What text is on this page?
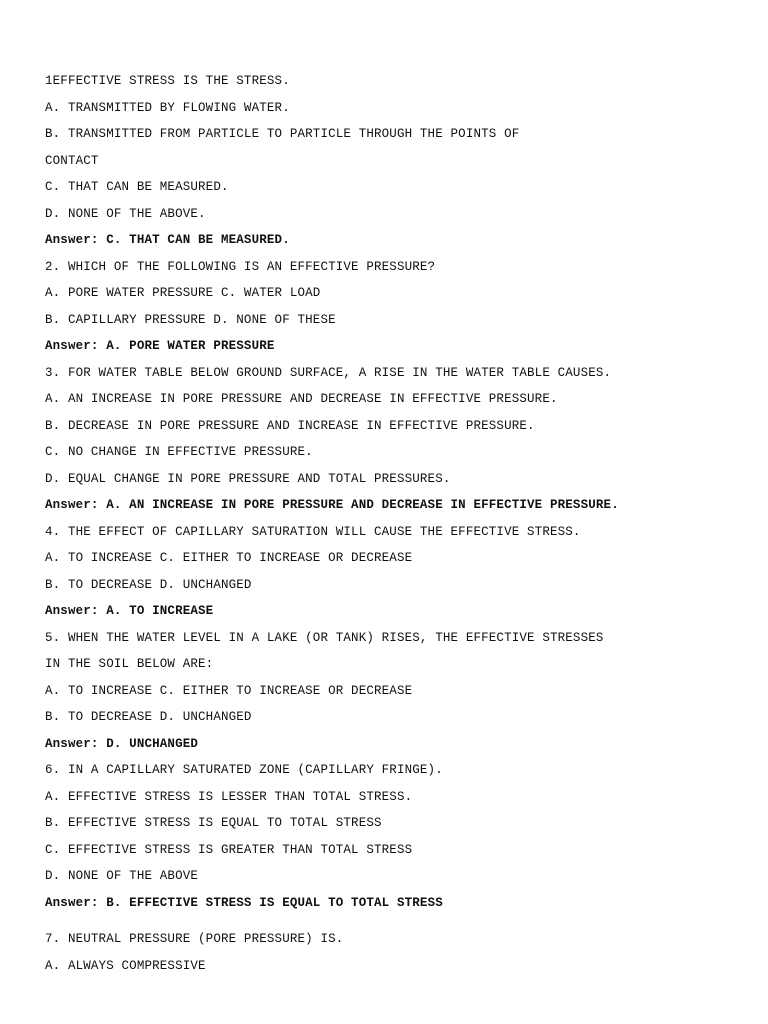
1EFFECTIVE STRESS IS THE STRESS.
A. TRANSMITTED BY FLOWING WATER.
B. TRANSMITTED FROM PARTICLE TO PARTICLE THROUGH THE POINTS OF
CONTACT
C. THAT CAN BE MEASURED.
D. NONE OF THE ABOVE.
Answer: C. THAT CAN BE MEASURED.
2. WHICH OF THE FOLLOWING IS AN EFFECTIVE PRESSURE?
A. PORE WATER PRESSURE C. WATER LOAD
B. CAPILLARY PRESSURE D. NONE OF THESE
Answer: A. PORE WATER PRESSURE
3. FOR WATER TABLE BELOW GROUND SURFACE, A RISE IN THE WATER TABLE CAUSES.
A. AN INCREASE IN PORE PRESSURE AND DECREASE IN EFFECTIVE PRESSURE.
B. DECREASE IN PORE PRESSURE AND INCREASE IN EFFECTIVE PRESSURE.
C. NO CHANGE IN EFFECTIVE PRESSURE.
D. EQUAL CHANGE IN PORE PRESSURE AND TOTAL PRESSURES.
Answer: A. AN INCREASE IN PORE PRESSURE AND DECREASE IN EFFECTIVE PRESSURE.
4. THE EFFECT OF CAPILLARY SATURATION WILL CAUSE THE EFFECTIVE STRESS.
A. TO INCREASE C. EITHER TO INCREASE OR DECREASE
B. TO DECREASE D. UNCHANGED
Answer: A. TO INCREASE
5. WHEN THE WATER LEVEL IN A LAKE (OR TANK) RISES, THE EFFECTIVE STRESSES
IN THE SOIL BELOW ARE:
A. TO INCREASE C. EITHER TO INCREASE OR DECREASE
B. TO DECREASE D. UNCHANGED
Answer: D. UNCHANGED
6. IN A CAPILLARY SATURATED ZONE (CAPILLARY FRINGE).
A. EFFECTIVE STRESS IS LESSER THAN TOTAL STRESS.
B. EFFECTIVE STRESS IS EQUAL TO TOTAL STRESS
C. EFFECTIVE STRESS IS GREATER THAN TOTAL STRESS
D. NONE OF THE ABOVE
Answer: B. EFFECTIVE STRESS IS EQUAL TO TOTAL STRESS
7. NEUTRAL PRESSURE (PORE PRESSURE) IS.
A. ALWAYS COMPRESSIVE
